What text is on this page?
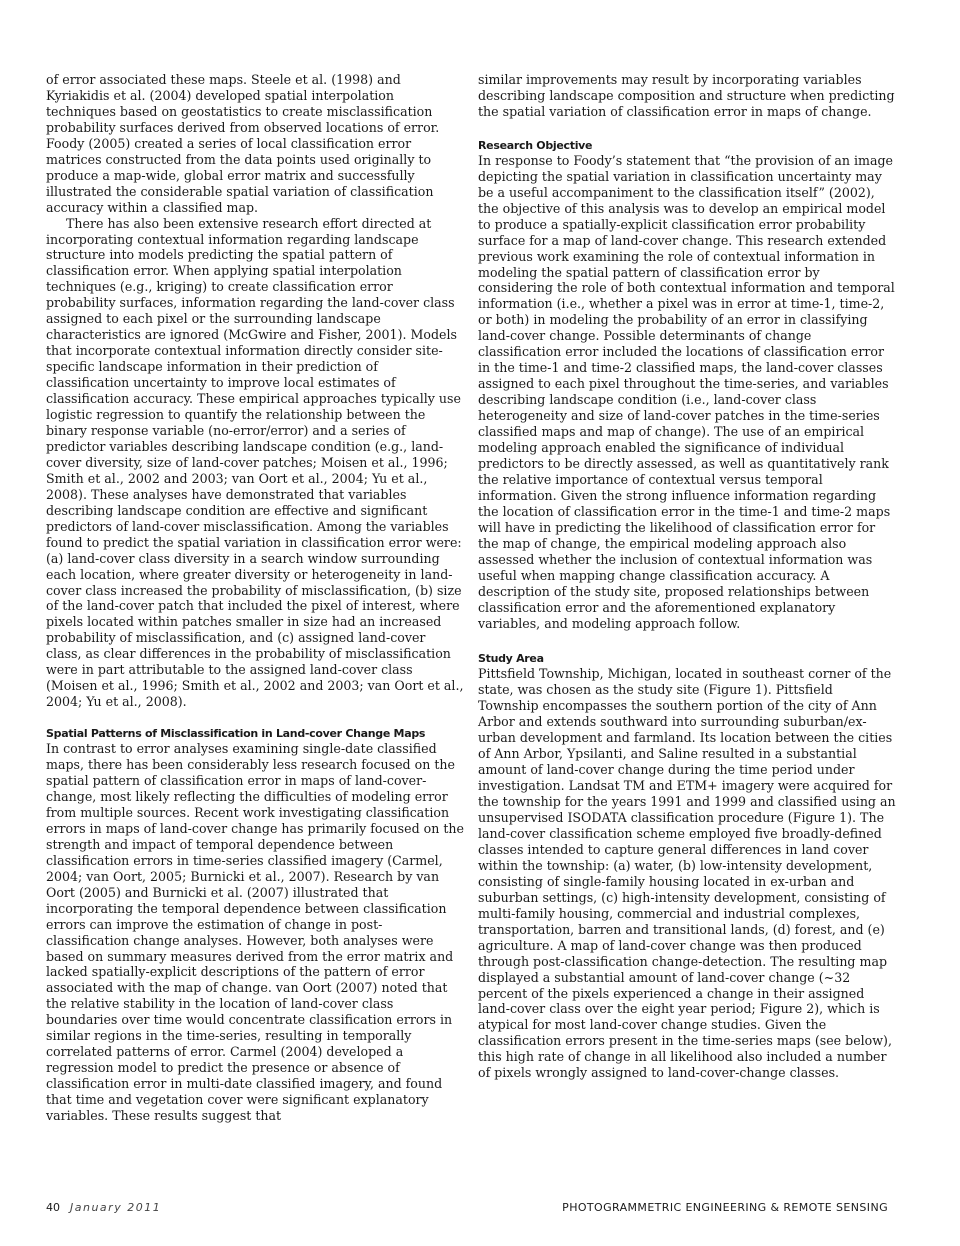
of error associated these maps. Steele et al. (1998) and Kyriakidis et al. (2004) developed spatial interpolation techniques based on geostatistics to create misclassification probability surfaces derived from observed locations of error. Foody (2005) created a series of local classification error matrices constructed from the data points used originally to produce a map-wide, global error matrix and successfully illustrated the considerable spatial variation of classification accuracy within a classified map.

There has also been extensive research effort directed at incorporating contextual information regarding landscape structure into models predicting the spatial pattern of classification error. When applying spatial interpolation techniques (e.g., kriging) to create classification error probability surfaces, information regarding the land-cover class assigned to each pixel or the surrounding landscape characteristics are ignored (McGwire and Fisher, 2001). Models that incorporate contextual information directly consider site-specific landscape information in their prediction of classification uncertainty to improve local estimates of classification accuracy. These empirical approaches typically use logistic regression to quantify the relationship between the binary response variable (no-error/error) and a series of predictor variables describing landscape condition (e.g., land-cover diversity, size of land-cover patches; Moisen et al., 1996; Smith et al., 2002 and 2003; van Oort et al., 2004; Yu et al., 2008). These analyses have demonstrated that variables describing landscape condition are effective and significant predictors of land-cover misclassification. Among the variables found to predict the spatial variation in classification error were: (a) land-cover class diversity in a search window surrounding each location, where greater diversity or heterogeneity in land-cover class increased the probability of misclassification, (b) size of the land-cover patch that included the pixel of interest, where pixels located within patches smaller in size had an increased probability of misclassification, and (c) assigned land-cover class, as clear differences in the probability of misclassification were in part attributable to the assigned land-cover class (Moisen et al., 1996; Smith et al., 2002 and 2003; van Oort et al., 2004; Yu et al., 2008).

Spatial Patterns of Misclassification in Land-cover Change Maps

In contrast to error analyses examining single-date classified maps, there has been considerably less research focused on the spatial pattern of classification error in maps of land-cover-change, most likely reflecting the difficulties of modeling error from multiple sources. Recent work investigating classification errors in maps of land-cover change has primarily focused on the strength and impact of temporal dependence between classification errors in time-series classified imagery (Carmel, 2004; van Oort, 2005; Burnicki et al., 2007). Research by van Oort (2005) and Burnicki et al. (2007) illustrated that incorporating the temporal dependence between classification errors can improve the estimation of change in post-classification change analyses. However, both analyses were based on summary measures derived from the error matrix and lacked spatially-explicit descriptions of the pattern of error associated with the map of change. van Oort (2007) noted that the relative stability in the location of land-cover class boundaries over time would concentrate classification errors in similar regions in the time-series, resulting in temporally correlated patterns of error. Carmel (2004) developed a regression model to predict the presence or absence of classification error in multi-date classified imagery, and found that time and vegetation cover were significant explanatory variables. These results suggest that

similar improvements may result by incorporating variables describing landscape composition and structure when predicting the spatial variation of classification error in maps of change.

Research Objective

In response to Foody’s statement that “the provision of an image depicting the spatial variation in classification uncertainty may be a useful accompaniment to the classification itself” (2002), the objective of this analysis was to develop an empirical model to produce a spatially-explicit classification error probability surface for a map of land-cover change. This research extended previous work examining the role of contextual information in modeling the spatial pattern of classification error by considering the role of both contextual information and temporal information (i.e., whether a pixel was in error at time-1, time-2, or both) in modeling the probability of an error in classifying land-cover change. Possible determinants of change classification error included the locations of classification error in the time-1 and time-2 classified maps, the land-cover classes assigned to each pixel throughout the time-series, and variables describing landscape condition (i.e., land-cover class heterogeneity and size of land-cover patches in the time-series classified maps and map of change). The use of an empirical modeling approach enabled the significance of individual predictors to be directly assessed, as well as quantitatively rank the relative importance of contextual versus temporal information. Given the strong influence information regarding the location of classification error in the time-1 and time-2 maps will have in predicting the likelihood of classification error for the map of change, the empirical modeling approach also assessed whether the inclusion of contextual information was useful when mapping change classification accuracy. A description of the study site, proposed relationships between classification error and the aforementioned explanatory variables, and modeling approach follow.

Study Area

Pittsfield Township, Michigan, located in southeast corner of the state, was chosen as the study site (Figure 1). Pittsfield Township encompasses the southern portion of the city of Ann Arbor and extends southward into surrounding suburban/ex-urban development and farmland. Its location between the cities of Ann Arbor, Ypsilanti, and Saline resulted in a substantial amount of land-cover change during the time period under investigation. Landsat TM and ETM+ imagery were acquired for the township for the years 1991 and 1999 and classified using an unsupervised ISODATA classification procedure (Figure 1). The land-cover classification scheme employed five broadly-defined classes intended to capture general differences in land cover within the township: (a) water, (b) low-intensity development, consisting of single-family housing located in ex-urban and suburban settings, (c) high-intensity development, consisting of multi-family housing, commercial and industrial complexes, transportation, barren and transitional lands, (d) forest, and (e) agriculture. A map of land-cover change was then produced through post-classification change-detection. The resulting map displayed a substantial amount of land-cover change (~32 percent of the pixels experienced a change in their assigned land-cover class over the eight year period; Figure 2), which is atypical for most land-cover change studies. Given the classification errors present in the time-series maps (see below), this high rate of change in all likelihood also included a number of pixels wrongly assigned to land-cover-change classes.

40 January 2011	PHOTOGRAMMETRIC ENGINEERING & REMOTE SENSING
